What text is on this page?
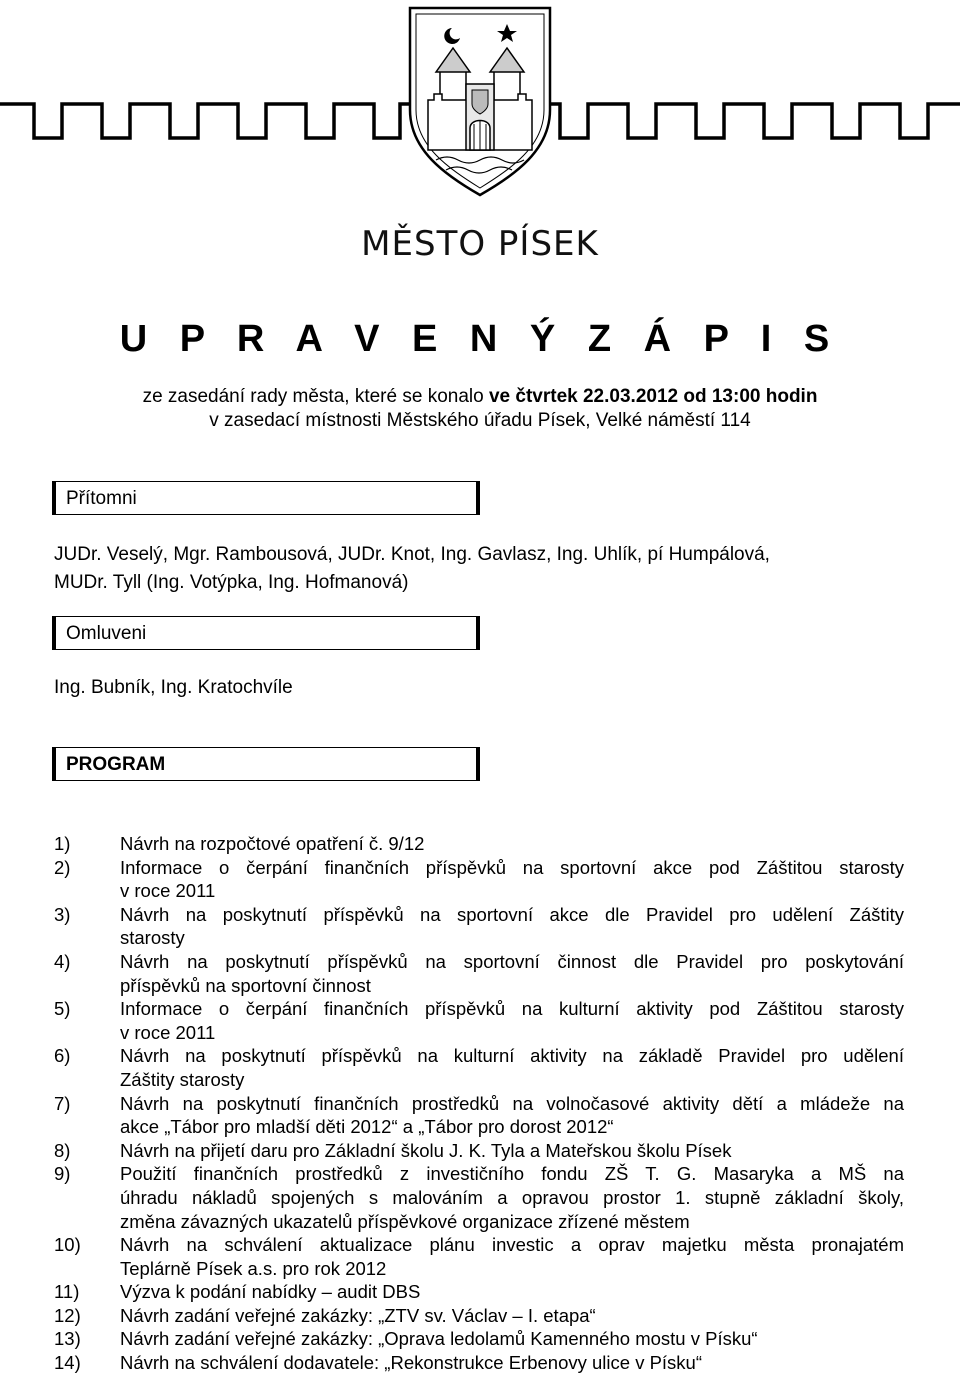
MĚSTO PÍSEK
U P R A V E N Ý Z Á P I S
ze zasedání rady města, které se konalo ve čtvrtek 22.03.2012 od 13:00 hodin
v zasedací místnosti Městského úřadu Písek, Velké náměstí 114
Přítomni
JUDr. Veselý, Mgr. Rambousová, JUDr. Knot, Ing. Gavlasz, Ing. Uhlík, pí Humpálová,
MUDr. Tyll (Ing. Votýpka, Ing. Hofmanová)
Omluveni
Ing. Bubník, Ing. Kratochvíle
PROGRAM
1)	Návrh na rozpočtové opatření č. 9/12
2)	Informace o čerpání finančních příspěvků na sportovní akce pod Záštitou starosty
v roce 2011
3)	Návrh na poskytnutí příspěvků na sportovní akce dle Pravidel pro udělení Záštity
starosty
4)	Návrh na poskytnutí příspěvků na sportovní činnost dle Pravidel pro poskytování
příspěvků na sportovní činnost
5)	Informace o čerpání finančních příspěvků na kulturní aktivity pod Záštitou starosty
v roce 2011
6)	Návrh na poskytnutí příspěvků na kulturní aktivity na základě Pravidel pro udělení
Záštity starosty
7)	Návrh na poskytnutí finančních prostředků na volnočasové aktivity dětí a mládeže na
akce „Tábor pro mladší děti 2012“ a „Tábor pro dorost 2012“
8)	Návrh na přijetí daru pro Základní školu J. K. Tyla a Mateřskou školu Písek
9)	Použití finančních prostředků z investičního fondu ZŠ T. G. Masaryka a MŠ na
úhradu nákladů spojených s malováním a opravou prostor 1. stupně základní školy,
změna závazných ukazatelů příspěvkové organizace zřízené městem
10)	Návrh na schválení aktualizace plánu investic a oprav majetku města pronajatém
Teplárně Písek a.s. pro rok 2012
11)	Výzva k podání nabídky – audit DBS
12)	Návrh zadání veřejné zakázky: „ZTV sv. Václav – I. etapa“
13)	Návrh zadání veřejné zakázky: „Oprava ledolamů Kamenného mostu v Písku“
14)	Návrh na schválení dodavatele: „Rekonstrukce Erbenovy ulice v Písku“
